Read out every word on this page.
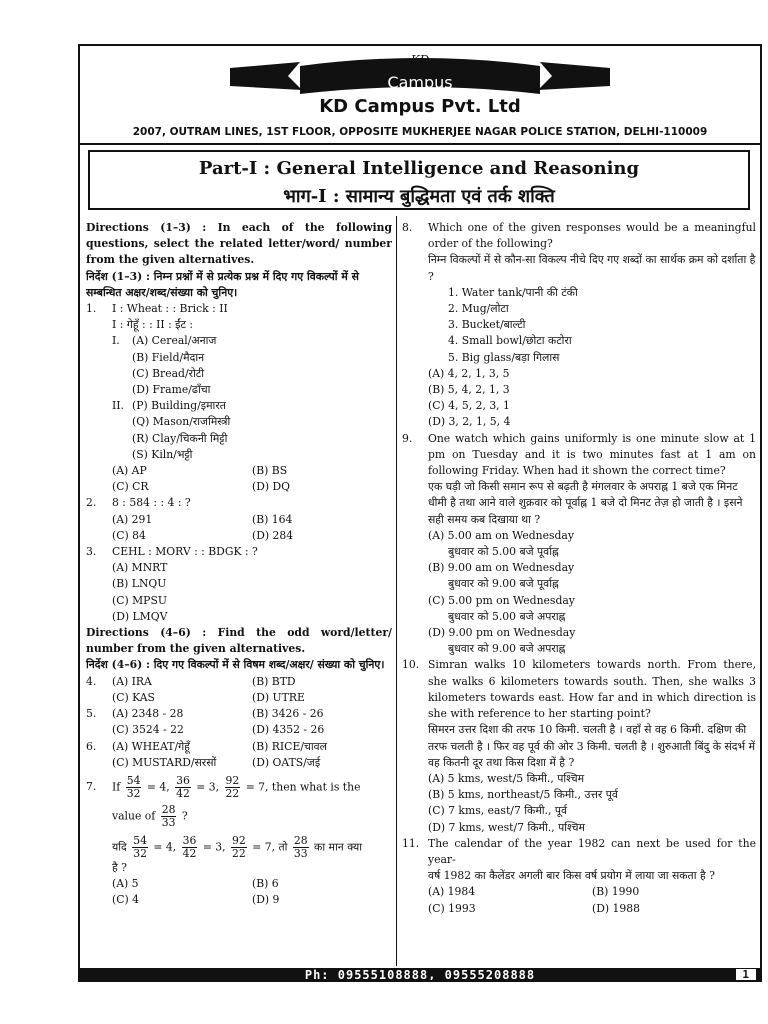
KD
Campus
KD Campus Pvt. Ltd
2007, OUTRAM LINES, 1ST FLOOR, OPPOSITE MUKHERJEE NAGAR POLICE STATION, DELHI-110009
Part-I : General Intelligence and Reasoning
भाग-I : सामान्य बुद्धिमता एवं तर्क शक्ति
Directions (1–3) : In each of the following questions, select the related letter/word/ number from the given alternatives.
निर्देश (1–3) : निम्न प्रश्नों में से प्रत्येक प्रश्न में दिए गए विकल्पों में से सम्बन्धित अक्षर/शब्द/संख्या को चुनिए।
1.	I : Wheat : : Brick : II
I : गेहूँ : : II : ईंट :
I.	(A) Cereal/अनाज
(B) Field/मैदान
(C) Bread/रोटी
(D) Frame/ढाँचा
II. (P) Building/इमारत
(Q) Mason/राजमिस्त्री
(R) Clay/चिकनी मिट्टी
(S) Kiln/भट्टी
(A) AP	(B) BS
(C) CR	(D) DQ
2.	8 : 584 : : 4 : ?
(A) 291	(B) 164
(C) 84	(D) 284
3.	CEHL : MORV : : BDGK : ?
(A) MNRT
(B) LNQU
(C) MPSU
(D) LMQV
Directions (4–6) : Find the odd word/letter/ number from the given alternatives.
निर्देश (4–6) : दिए गए विकल्पों में से विषम शब्द/अक्षर/ संख्या को चुनिए।
4.	(A) IRA	(B) BTD
(C) KAS	(D) UTRE
5.	(A) 2348 - 28	(B) 3426 - 26
(C) 3524 - 22	(D) 4352 - 26
6.	(A) WHEAT/गेहूँ	(B) RICE/चावल
(C) MUSTARD/सरसों	(D) OATS/जई
7.	If $\frac{54}{32} = 4$, $\frac{36}{42} = 3$, $\frac{92}{22} = 7$, then what is the
value of $\frac{28}{33}$ ?
यदि $\frac{54}{32} = 4$, $\frac{36}{42} = 3$, $\frac{92}{22} = 7$, तो $\frac{28}{33}$ का मान क्या
है ?
(A) 5	(B) 6
(C) 4	(D) 9
8.	Which one of the given responses would be a meaningful order of the following?
निम्न विकल्पों में से कौन-सा विकल्प नीचे दिए गए शब्दों का सार्थक क्रम को दर्शाता है ?
1. Water tank/पानी की टंकी
2. Mug/लोटा
3. Bucket/बाल्टी
4. Small bowl/छोटा कटोरा
5. Big glass/बड़ा गिलास
(A) 4, 2, 1, 3, 5
(B) 5, 4, 2, 1, 3
(C) 4, 5, 2, 3, 1
(D) 3, 2, 1, 5, 4
9.	One watch which gains uniformly is one minute slow at 1 pm on Tuesday and it is two minutes fast at 1 am on following Friday. When had it shown the correct time?
एक घड़ी जो किसी समान रूप से बढ़ती है मंगलवार के अपराह्न 1 बजे एक मिनट धीमी है तथा आने वाले शुक्रवार को पूर्वाह्न 1 बजे दो मिनट तेज़ हो जाती है । इसने सही समय कब दिखाया था ?
(A) 5.00 am on Wednesday
बुधवार को 5.00 बजे पूर्वाह्न
(B) 9.00 am on Wednesday
बुधवार को 9.00 बजे पूर्वाह्न
(C) 5.00 pm on Wednesday
बुधवार को 5.00 बजे अपराह्न
(D) 9.00 pm on Wednesday
बुधवार को 9.00 बजे अपराह्न
10. Simran walks 10 kilometers towards north. From there, she walks 6 kilometers towards south. Then, she walks 3 kilometers towards east. How far and in which direction is she with reference to her starting point?
सिमरन उत्तर दिशा की तरफ 10 किमी. चलती है । वहाँ से वह 6 किमी. दक्षिण की तरफ चलती है । फिर वह पूर्व की ओर 3 किमी. चलती है । शुरुआती बिंदु के संदर्भ में वह कितनी दूर तथा किस दिशा में है ?
(A) 5 kms, west/5 किमी., पश्चिम
(B) 5 kms, northeast/5 किमी., उत्तर पूर्व
(C) 7 kms, east/7 किमी., पूर्व
(D) 7 kms, west/7 किमी., पश्चिम
11. The calendar of the year 1982 can next be used for the year-
वर्ष 1982 का कैलेंडर अगली बार किस वर्ष प्रयोग में लाया जा सकता है ?
(A) 1984	(B) 1990
(C) 1993	(D) 1988
Ph: 09555108888, 09555208888	1
